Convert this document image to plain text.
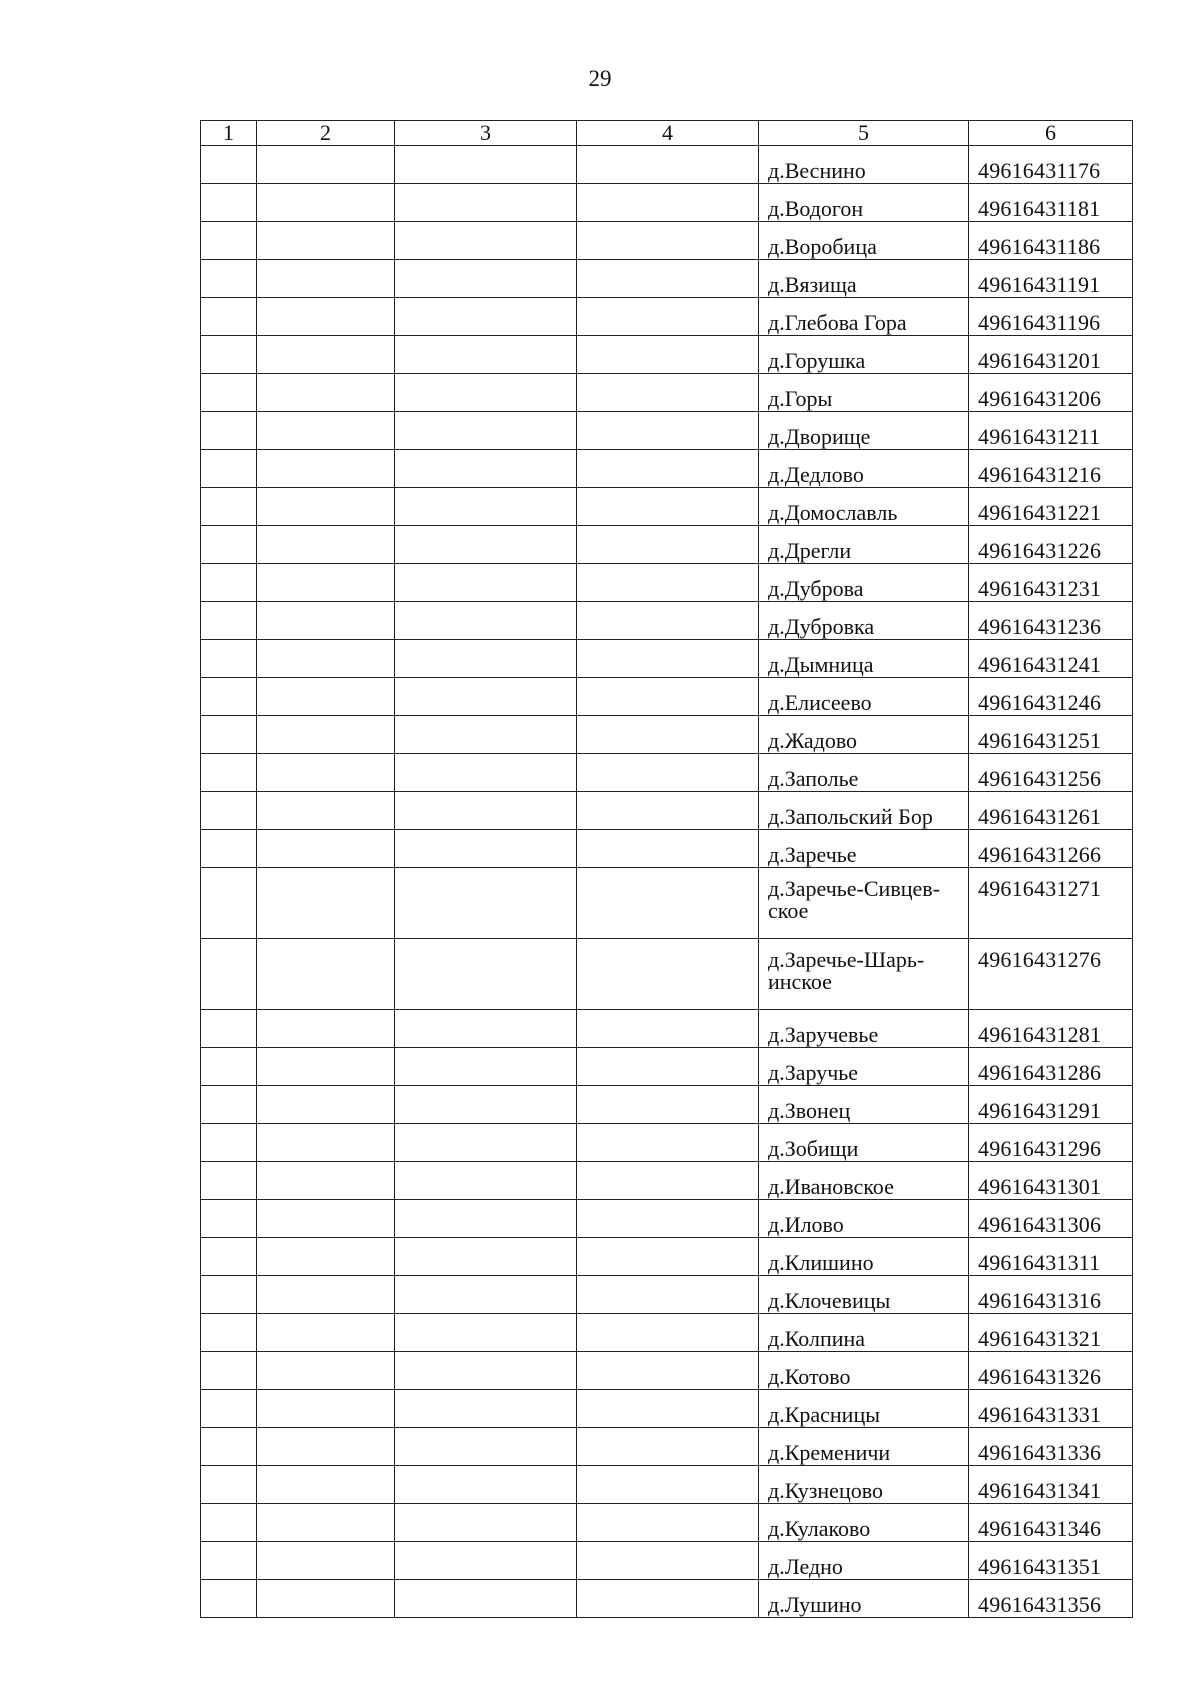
29
1	2	3	4	5	6

				д.Веснино	49616431176

				д.Водогон	49616431181

				д.Воробица	49616431186

				д.Вязища	49616431191

				д.Глебова Гора	49616431196

				д.Горушка	49616431201

				д.Горы	49616431206

				д.Дворище	49616431211

				д.Дедлово	49616431216

				д.Домославль	49616431221

				д.Дрегли	49616431226

				д.Дуброва	49616431231

				д.Дубровка	49616431236

				д.Дымница	49616431241

				д.Елисеево	49616431246

				д.Жадово	49616431251

				д.Заполье	49616431256

				д.Запольский Бор	49616431261

				д.Заречье	49616431266

				д.Заречье-Сивцев-
ское	49616431271

				д.Заречье-Шарь-
инское	49616431276

				д.Заручевье	49616431281

				д.Заручье	49616431286

				д.Звонец	49616431291

				д.Зобищи	49616431296

				д.Ивановское	49616431301

				д.Илово	49616431306

				д.Клишино	49616431311

				д.Клочевицы	49616431316

				д.Колпина	49616431321

				д.Котово	49616431326

				д.Красницы	49616431331

				д.Кременичи	49616431336

				д.Кузнецово	49616431341

				д.Кулаково	49616431346

				д.Ледно	49616431351

				д.Лушино	49616431356
